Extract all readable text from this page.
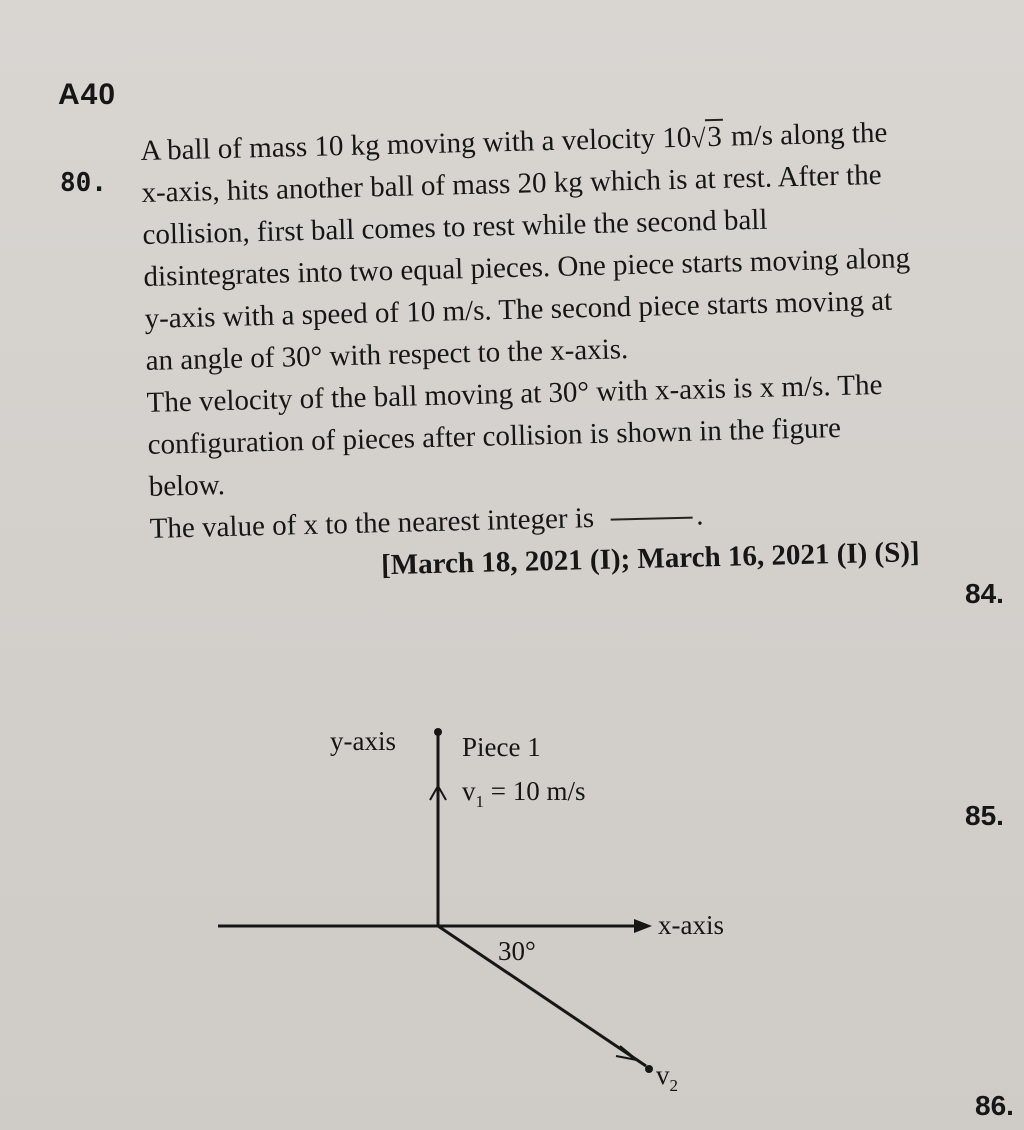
A40
80.

A ball of mass 10 kg moving with a velocity 10 √ 3 m/s along the x-axis, hits another ball of mass 20 kg which is at rest. After the collision, first ball comes to rest while the second ball disintegrates into two equal pieces. One piece starts moving along y-axis with a speed of 10 m/s. The second piece starts moving at an angle of 30° with respect to the x-axis.

The velocity of the ball moving at 30° with x-axis is x m/s. The configuration of pieces after collision is shown in the figure below.

The value of x to the nearest integer is	.

[March 18, 2021 (I); March 16, 2021 (I) (S)]

84.
85.
86.
y-axis Piece 1
$v_1 = 10$ m/s
x-axis
30°
$v_2$
